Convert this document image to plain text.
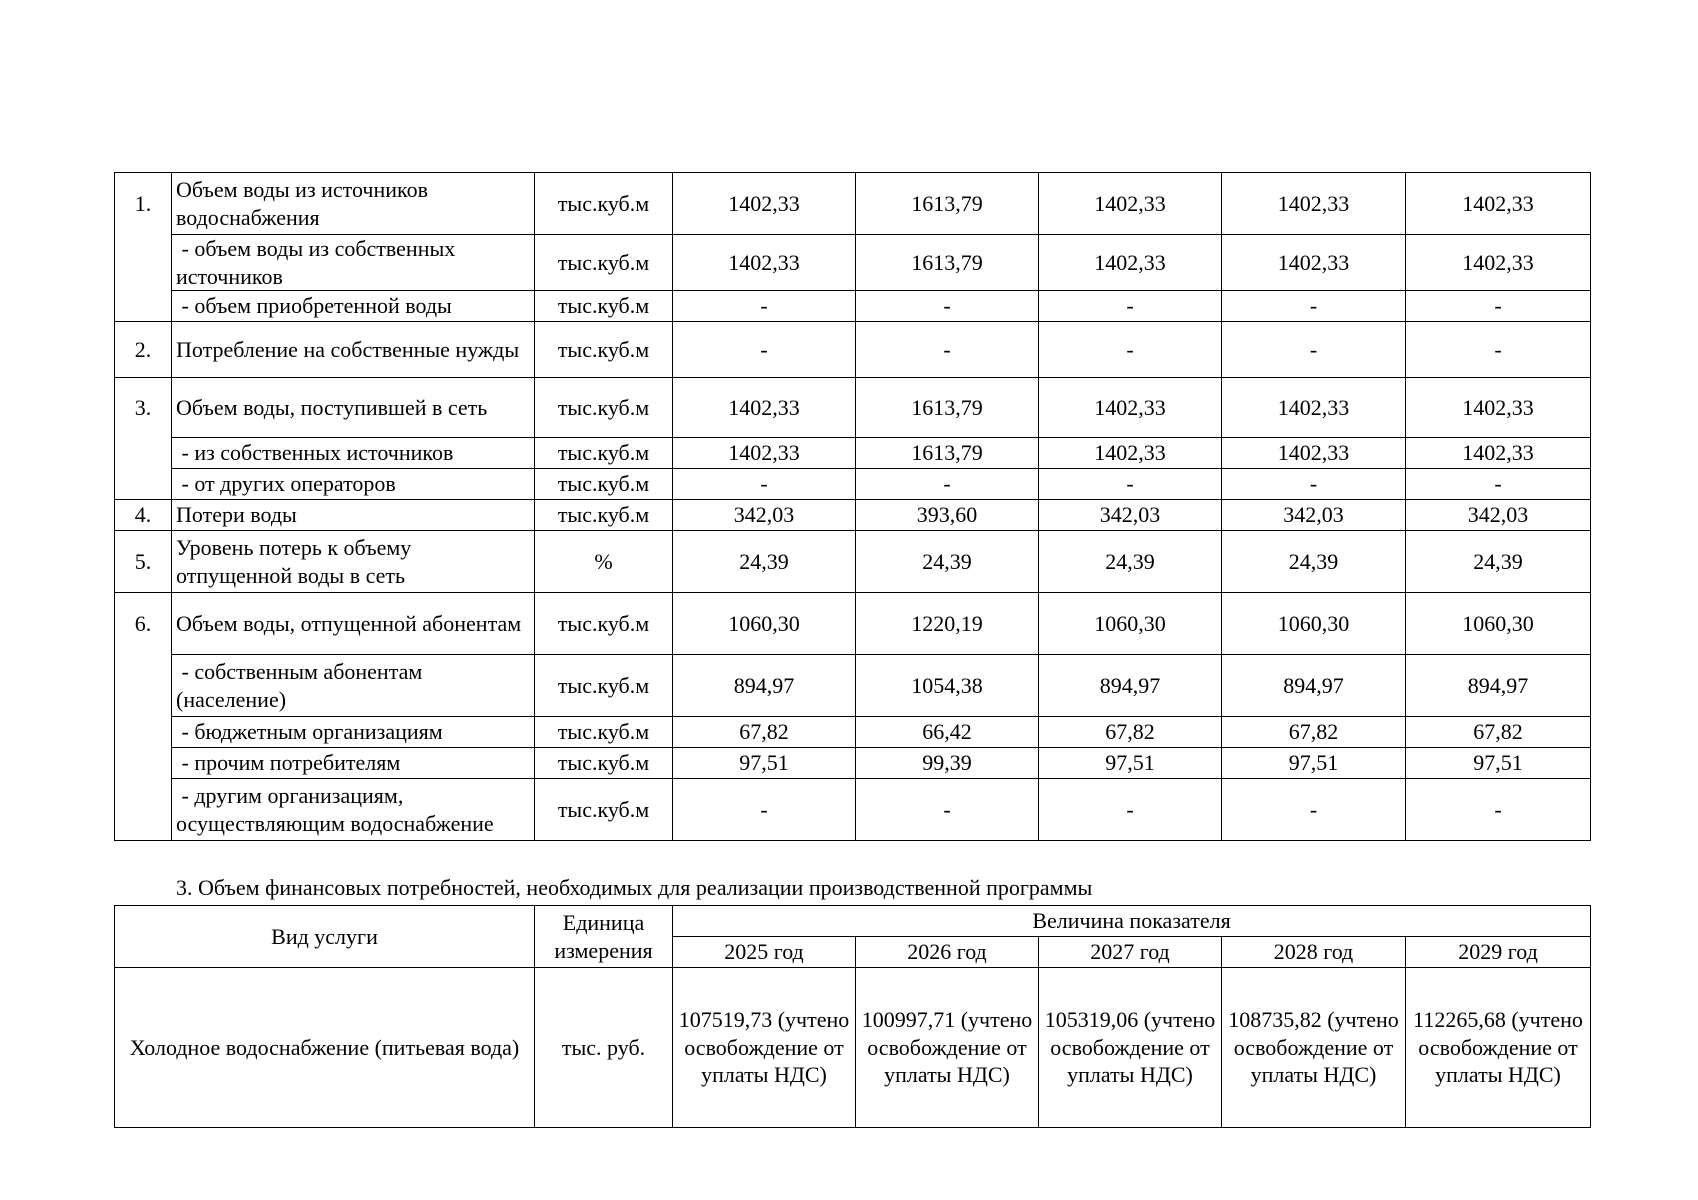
1.	Объем воды из источников водоснабжения	тыс.куб.м	1402,33	1613,79	1402,33	1402,33	1402,33
	- объем воды из собственных источников	тыс.куб.м	1402,33	1613,79	1402,33	1402,33	1402,33
	- объем приобретенной воды	тыс.куб.м	-	-	-	-	-
2.	Потребление на собственные нужды	тыс.куб.м	-	-	-	-	-
3.	Объем воды, поступившей в сеть	тыс.куб.м	1402,33	1613,79	1402,33	1402,33	1402,33
	- из собственных источников	тыс.куб.м	1402,33	1613,79	1402,33	1402,33	1402,33
	- от других операторов	тыс.куб.м	-	-	-	-	-
4.	Потери воды	тыс.куб.м	342,03	393,60	342,03	342,03	342,03
5.	Уровень потерь к объему отпущенной воды в сеть	%	24,39	24,39	24,39	24,39	24,39
6.	Объем воды, отпущенной абонентам	тыс.куб.м	1060,30	1220,19	1060,30	1060,30	1060,30
	- собственным абонентам (население)	тыс.куб.м	894,97	1054,38	894,97	894,97	894,97
	- бюджетным организациям	тыс.куб.м	67,82	66,42	67,82	67,82	67,82
	- прочим потребителям	тыс.куб.м	97,51	99,39	97,51	97,51	97,51
	- другим организациям, осуществляющим водоснабжение	тыс.куб.м	-	-	-	-	-
3. Объем финансовых потребностей, необходимых для реализации производственной программы
Вид услуги	Единица измерения	Величина показателя				
		2025 год	2026 год	2027 год	2028 год	2029 год
Холодное водоснабжение (питьевая вода)	тыс. руб.	107519,73 (учтено освобождение от уплаты НДС)	100997,71 (учтено освобождение от уплаты НДС)	105319,06 (учтено освобождение от уплаты НДС)	108735,82 (учтено освобождение от уплаты НДС)	112265,68 (учтено освобождение от уплаты НДС)
